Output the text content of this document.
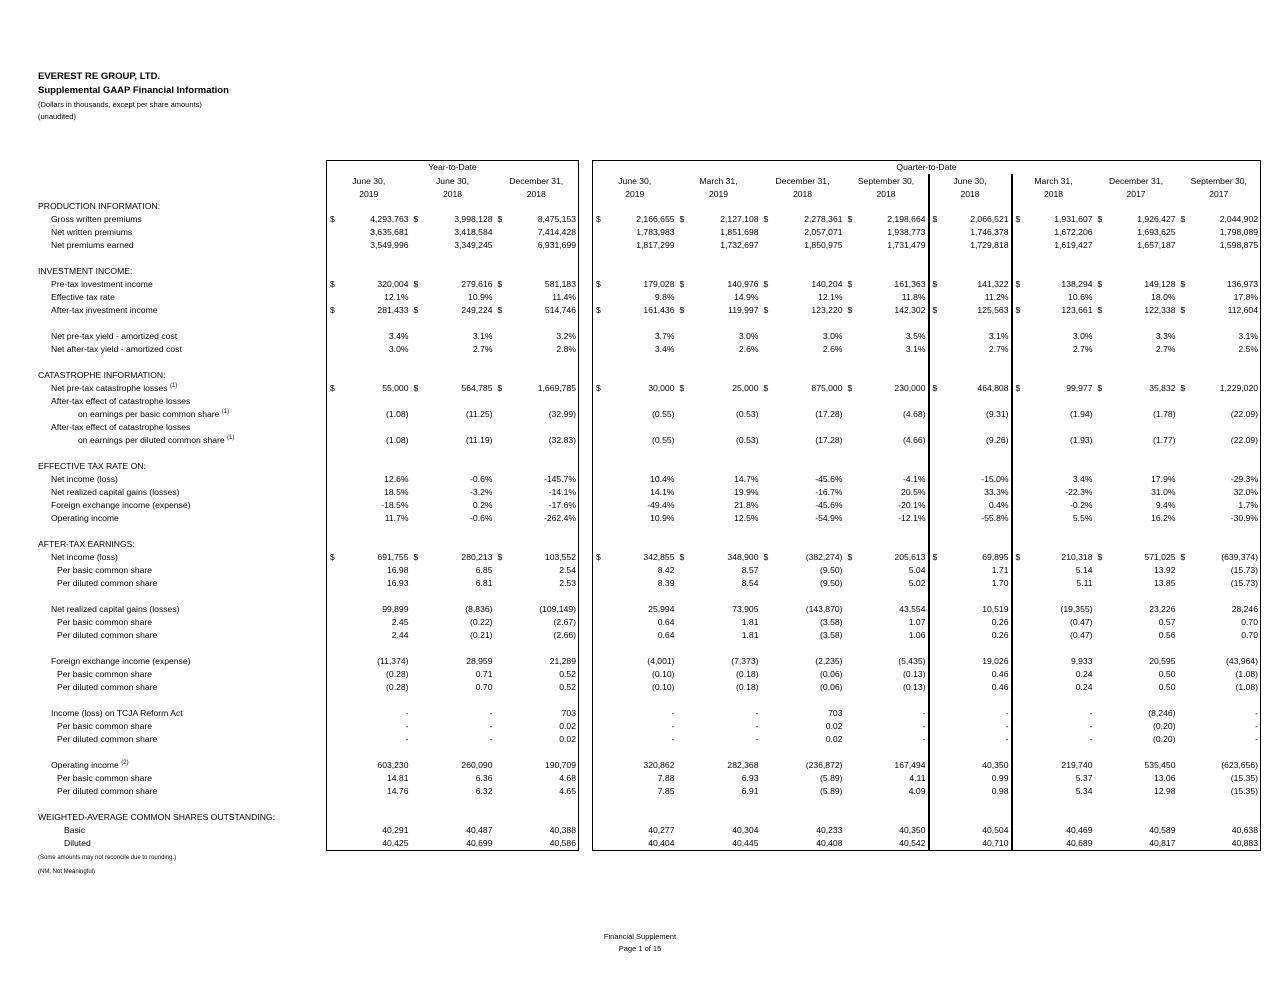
EVEREST RE GROUP, LTD.
Supplemental GAAP Financial Information
(Dollars in thousands, except per share amounts)
(unaudited)
	Year-to-Date				Quarter-to-Date							
	June 30,	June 30,	December 31,		June 30,	March 31,	December 31,	September 30,	June 30,	March 31,	December 31,	September 30,
	2019	2018	2018		2019	2019	2018	2018	2018	2018	2017	2017
PRODUCTION INFORMATION:												
Gross written premiums	$ 4,293,763	$ 3,998,128	$ 8,475,153		$ 2,166,655	$ 2,127,108	$ 2,278,361	$ 2,198,664	$ 2,066,521	$ 1,931,607	$ 1,926,427	$ 2,044,902
Net written premiums	3,635,681	3,418,584	7,414,428		1,783,983	1,851,698	2,057,071	1,938,773	1,746,378	1,672,206	1,693,625	1,798,089
Net premiums earned	3,549,996	3,349,245	6,931,699		1,817,299	1,732,697	1,850,975	1,731,479	1,729,818	1,619,427	1,657,187	1,598,875

INVESTMENT INCOME:												
Pre-tax investment income	$ 320,004	$ 279,616	$ 581,183		$ 179,028	$ 140,976	$ 140,204	$ 161,363	$ 141,322	$ 138,294	$ 149,128	$ 136,973
Effective tax rate	12.1%	10.9%	11.4%		9.8%	14.9%	12.1%	11.8%	11.2%	10.6%	18.0%	17.8%
After-tax investment income	$ 281,433	$ 249,224	$ 514,746		$ 161,436	$ 119,997	$ 123,220	$ 142,302	$ 125,563	$ 123,661	$ 122,338	$ 112,604

Net pre-tax yield - amortized cost	3.4%	3.1%	3.2%		3.7%	3.0%	3.0%	3.5%	3.1%	3.0%	3.3%	3.1%
Net after-tax yield - amortized cost	3.0%	2.7%	2.8%		3.4%	2.6%	2.6%	3.1%	2.7%	2.7%	2.7%	2.5%

CATASTROPHE INFORMATION:												
Net pre-tax catastrophe losses $^{(1)}$	$ 55,000	$ 564,785	$ 1,669,785		$ 30,000	$ 25,000	$ 875,000	$ 230,000	$ 464,808	$ 99,977	$ 35,832	$ 1,229,020
After-tax effect of catastrophe losses												
on earnings per basic common share $^{(1)}$	(1.08)	(11.25)	(32.99)		(0.55)	(0.53)	(17.28)	(4.68)	(9.31)	(1.94)	(1.78)	(22.09)
After-tax effect of catastrophe losses												
on earnings per diluted common share $^{(1)}$	(1.08)	(11.19)	(32.83)		(0.55)	(0.53)	(17.28)	(4.66)	(9.26)	(1.93)	(1.77)	(22.09)

EFFECTIVE TAX RATE ON:												
Net income (loss)	12.6%	-0.6%	-145.7%		10.4%	14.7%	-45.6%	-4.1%	-15.0%	3.4%	17.9%	-29.3%
Net realized capital gains (losses)	18.5%	-3.2%	-14.1%		14.1%	19.9%	-16.7%	20.5%	33.3%	-22.3%	31.0%	32.0%
Foreign exchange income (expense)	-18.5%	0.2%	-17.6%		-49.4%	21.8%	-45.6%	-20.1%	0.4%	-0.2%	9.4%	1.7%
Operating income	11.7%	-0.6%	-262.4%		10.9%	12.5%	-54.9%	-12.1%	-55.8%	5.5%	16.2%	-30.9%

AFTER-TAX EARNINGS:												
Net income (loss)	$ 691,755	$ 280,213	$ 103,552		$ 342,855	$ 348,900	$ (382,274)	$ 205,613	$ 69,895	$ 210,318	$ 571,025	$ (639,374)
Per basic common share	16.98	6.85	2.54		8.42	8.57	(9.50)	5.04	1.71	5.14	13.92	(15.73)
Per diluted common share	16.93	6.81	2.53		8.39	8.54	(9.50)	5.02	1.70	5.11	13.85	(15.73)

Net realized capital gains (losses)	99,899	(8,836)	(109,149)		25,994	73,905	(143,870)	43,554	10,519	(19,355)	23,226	28,246
Per basic common share	2.45	(0.22)	(2.67)		0.64	1.81	(3.58)	1.07	0.26	(0.47)	0.57	0.70
Per diluted common share	2.44	(0.21)	(2.66)		0.64	1.81	(3.58)	1.06	0.26	(0.47)	0.56	0.70

Foreign exchange income (expense)	(11,374)	28,959	21,289		(4,001)	(7,373)	(2,235)	(5,435)	19,026	9,933	20,595	(43,964)
Per basic common share	(0.28)	0.71	0.52		(0.10)	(0.18)	(0.06)	(0.13)	0.46	0.24	0.50	(1.08)
Per diluted common share	(0.28)	0.70	0.52		(0.10)	(0.18)	(0.06)	(0.13)	0.46	0.24	0.50	(1.08)

Income (loss) on TCJA Reform Act	-	-	703		-	-	703	-	-	-	(8,246)	-
Per basic common share	-	-	0.02		-	-	0.02	-	-	-	(0.20)	-
Per diluted common share	-	-	0.02		-	-	0.02	-	-	-	(0.20)	-

Operating income $^{(2)}$	603,230	260,090	190,709		320,862	282,368	(236,872)	167,494	40,350	219,740	535,450	(623,656)
Per basic common share	14.81	6.36	4.68		7.88	6.93	(5.89)	4.11	0.99	5.37	13.06	(15.35)
Per diluted common share	14.76	6.32	4.65		7.85	6.91	(5.89)	4.09	0.98	5.34	12.98	(15.35)

WEIGHTED-AVERAGE COMMON SHARES OUTSTANDING:												
Basic	40,291	40,487	40,388		40,277	40,304	40,233	40,350	40,504	40,469	40,589	40,638
Diluted	40,425	40,699	40,586		40,404	40,445	40,408	40,542	40,710	40,689	40,817	40,883
(Some amounts may not reconcile due to rounding.)
(NM, Not Meaningful)
Financial Supplement
Page 1 of 15
